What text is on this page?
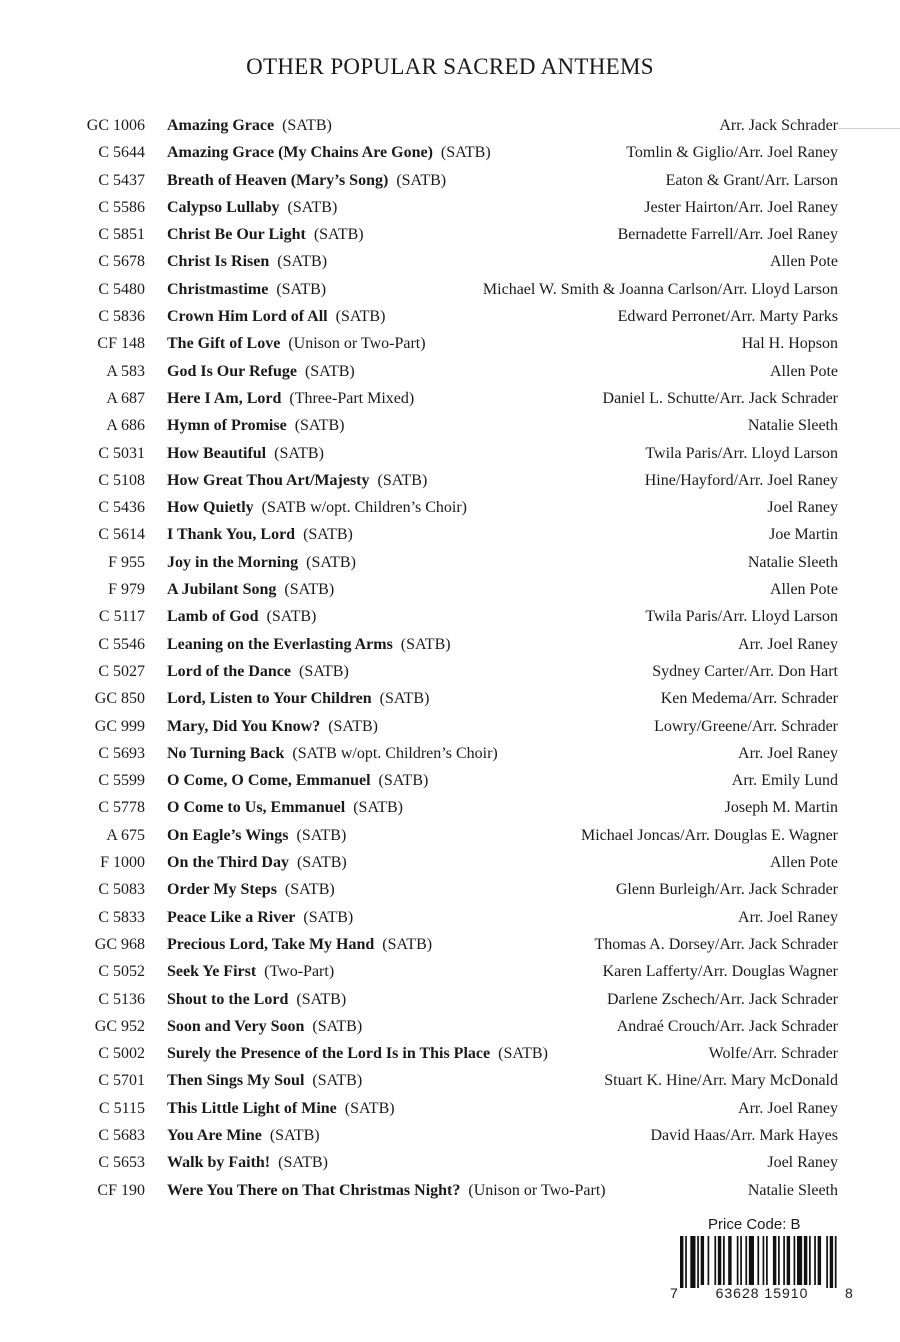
OTHER POPULAR SACRED ANTHEMS
GC 1006 Amazing Grace (SATB)	Arr. Jack Schrader
C 5644 Amazing Grace (My Chains Are Gone) (SATB)	Tomlin & Giglio/Arr. Joel Raney
C 5437 Breath of Heaven (Mary’s Song) (SATB)	Eaton & Grant/Arr. Larson
C 5586 Calypso Lullaby (SATB)	Jester Hairton/Arr. Joel Raney
C 5851 Christ Be Our Light (SATB)	Bernadette Farrell/Arr. Joel Raney
C 5678 Christ Is Risen (SATB)	Allen Pote
C 5480 Christmastime (SATB)	Michael W. Smith & Joanna Carlson/Arr. Lloyd Larson
C 5836 Crown Him Lord of All (SATB)	Edward Perronet/Arr. Marty Parks
CF 148 The Gift of Love (Unison or Two-Part)	Hal H. Hopson
A 583 God Is Our Refuge (SATB)	Allen Pote
A 687 Here I Am, Lord (Three-Part Mixed)	Daniel L. Schutte/Arr. Jack Schrader
A 686 Hymn of Promise (SATB)	Natalie Sleeth
C 5031 How Beautiful (SATB)	Twila Paris/Arr. Lloyd Larson
C 5108 How Great Thou Art/Majesty (SATB)	Hine/Hayford/Arr. Joel Raney
C 5436 How Quietly (SATB w/opt. Children’s Choir)	Joel Raney
C 5614 I Thank You, Lord (SATB)	Joe Martin
F 955 Joy in the Morning (SATB)	Natalie Sleeth
F 979 A Jubilant Song (SATB)	Allen Pote
C 5117 Lamb of God (SATB)	Twila Paris/Arr. Lloyd Larson
C 5546 Leaning on the Everlasting Arms (SATB)	Arr. Joel Raney
C 5027 Lord of the Dance (SATB)	Sydney Carter/Arr. Don Hart
GC 850 Lord, Listen to Your Children (SATB)	Ken Medema/Arr. Schrader
GC 999 Mary, Did You Know? (SATB)	Lowry/Greene/Arr. Schrader
C 5693 No Turning Back (SATB w/opt. Children’s Choir)	Arr. Joel Raney
C 5599 O Come, O Come, Emmanuel (SATB)	Arr. Emily Lund
C 5778 O Come to Us, Emmanuel (SATB)	Joseph M. Martin
A 675 On Eagle’s Wings (SATB)	Michael Joncas/Arr. Douglas E. Wagner
F 1000 On the Third Day (SATB)	Allen Pote
C 5083 Order My Steps (SATB)	Glenn Burleigh/Arr. Jack Schrader
C 5833 Peace Like a River (SATB)	Arr. Joel Raney
GC 968 Precious Lord, Take My Hand (SATB)	Thomas A. Dorsey/Arr. Jack Schrader
C 5052 Seek Ye First (Two-Part)	Karen Lafferty/Arr. Douglas Wagner
C 5136 Shout to the Lord (SATB)	Darlene Zschech/Arr. Jack Schrader
GC 952 Soon and Very Soon (SATB)	Andraé Crouch/Arr. Jack Schrader
C 5002 Surely the Presence of the Lord Is in This Place (SATB)	Wolfe/Arr. Schrader
C 5701 Then Sings My Soul (SATB)	Stuart K. Hine/Arr. Mary McDonald
C 5115 This Little Light of Mine (SATB)	Arr. Joel Raney
C 5683 You Are Mine (SATB)	David Haas/Arr. Mark Hayes
C 5653 Walk by Faith! (SATB)	Joel Raney
CF 190 Were You There on That Christmas Night? (Unison or Two-Part)	Natalie Sleeth
Price Code: B
7	63628 15910	8
